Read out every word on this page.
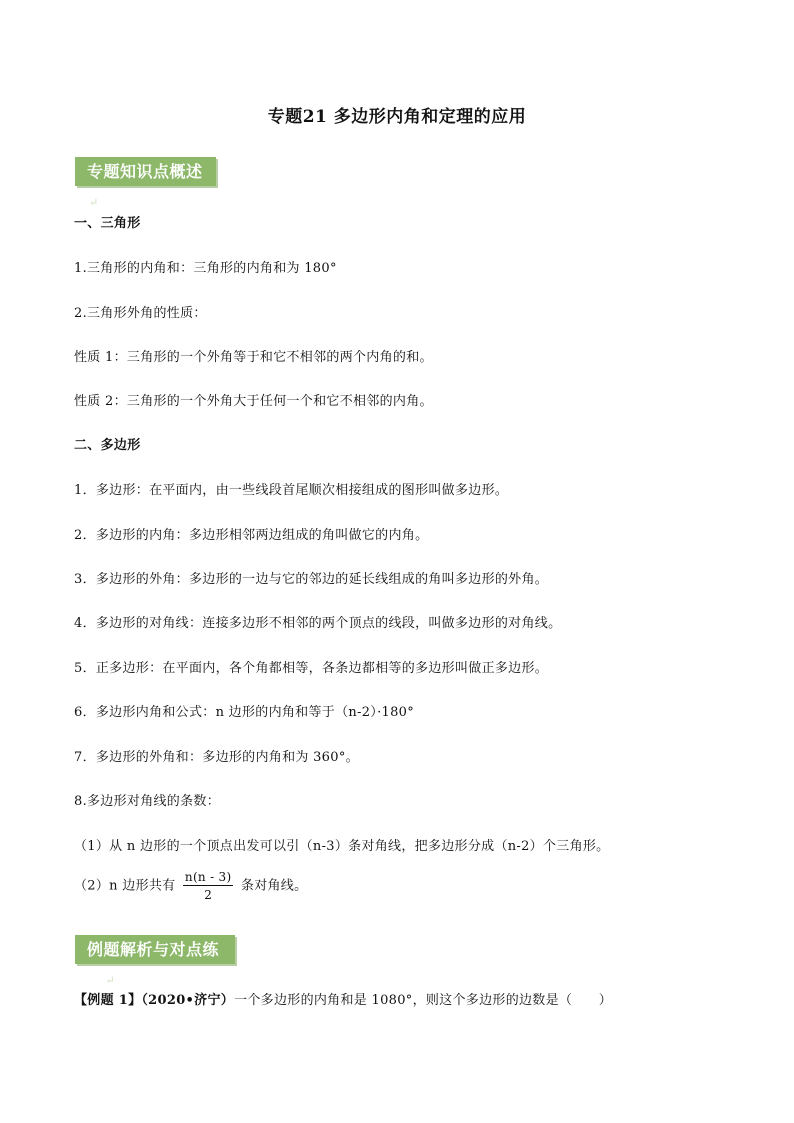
专题21 多边形内角和定理的应用
专题知识点概述↵
一、三角形
1.三角形的内角和：三角形的内角和为 180°
2.三角形外角的性质：
性质 1：三角形的一个外角等于和它不相邻的两个内角的和。
性质 2：三角形的一个外角大于任何一个和它不相邻的内角。
二、多边形
1．多边形：在平面内，由一些线段首尾顺次相接组成的图形叫做多边形。
2．多边形的内角：多边形相邻两边组成的角叫做它的内角。
3．多边形的外角：多边形的一边与它的邻边的延长线组成的角叫多边形的外角。
4．多边形的对角线：连接多边形不相邻的两个顶点的线段，叫做多边形的对角线。
5．正多边形：在平面内，各个角都相等，各条边都相等的多边形叫做正多边形。
6．多边形内角和公式：n 边形的内角和等于（n-2）·180°
7．多边形的外角和：多边形的内角和为 360°。
8.多边形对角线的条数：
（1）从 n 边形的一个顶点出发可以引（n-3）条对角线，把多边形分成（n-2）个三角形。
（2）n 边形共有 $\frac{n(n - 3)}{2}$ 条对角线。
例题解析与对点练习 ↵
【例题 1】（2020•济宁）一个多边形的内角和是 1080°，则这个多边形的边数是（　　）
